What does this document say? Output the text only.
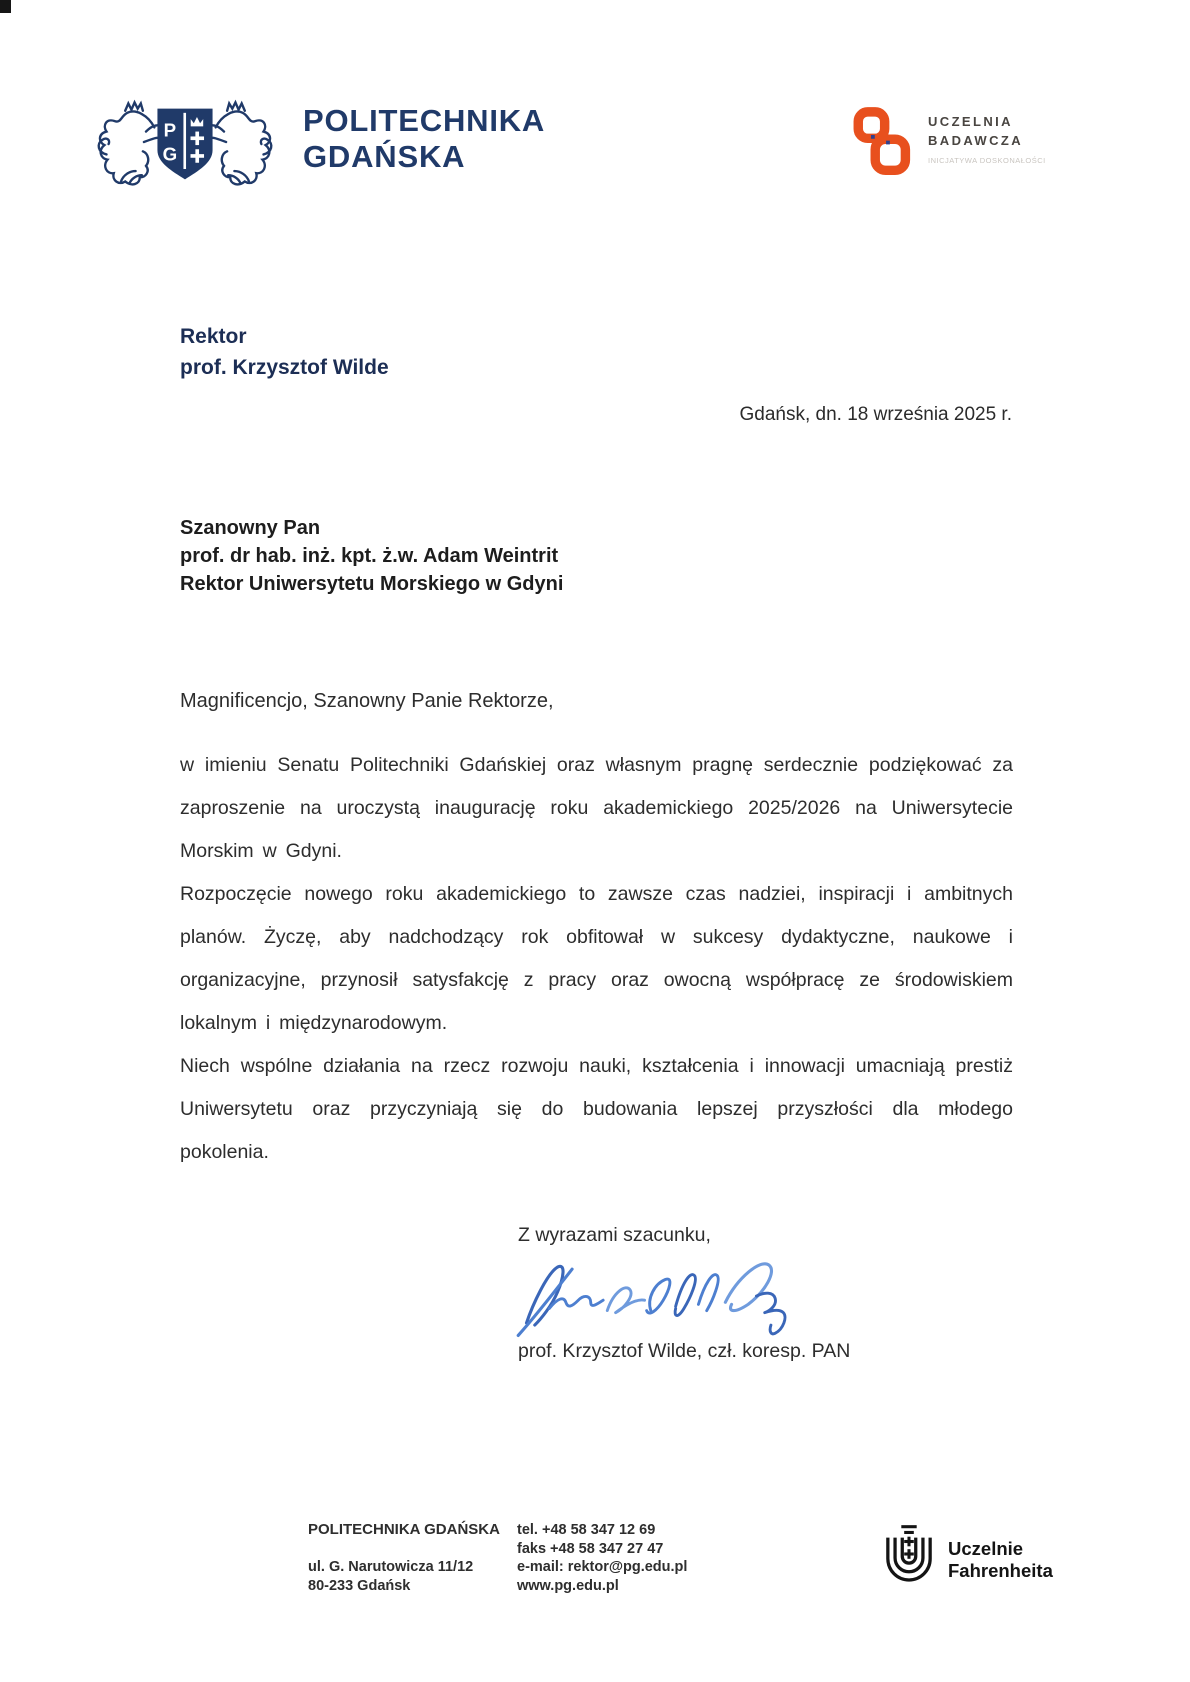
P
G
POLITECHNIKA
GDAŃSKA
UCZELNIA
BADAWCZA
INICJATYWA DOSKONAŁOŚCI
Rektor
prof. Krzysztof Wilde
Gdańsk, dn. 18 września 2025 r.
Szanowny Pan
prof. dr hab. inż. kpt. ż.w. Adam Weintrit
Rektor Uniwersytetu Morskiego w Gdyni
Magnificencjo, Szanowny Panie Rektorze,

w imieniu Senatu Politechniki Gdańskiej oraz własnym pragnę serdecznie podziękować za zaproszenie na uroczystą inaugurację roku akademickiego 2025/2026 na Uniwersytecie Morskim w Gdyni.

Rozpoczęcie nowego roku akademickiego to zawsze czas nadziei, inspiracji i ambitnych planów. Życzę, aby nadchodzący rok obfitował w sukcesy dydaktyczne, naukowe i organizacyjne, przynosił satysfakcję z pracy oraz owocną współpracę ze środowiskiem lokalnym i międzynarodowym.

Niech wspólne działania na rzecz rozwoju nauki, kształcenia i innowacji umacniają prestiż Uniwersytetu oraz przyczyniają się do budowania lepszej przyszłości dla młodego pokolenia.

Z wyrazami szacunku,
prof. Krzysztof Wilde, czł. koresp. PAN
POLITECHNIKA GDAŃSKA
ul. G. Narutowicza 11/12
80-233 Gdańsk
tel. +48 58 347 12 69
faks +48 58 347 27 47
e-mail: rektor@pg.edu.pl
www.pg.edu.pl
Uczelnie
Fahrenheita
